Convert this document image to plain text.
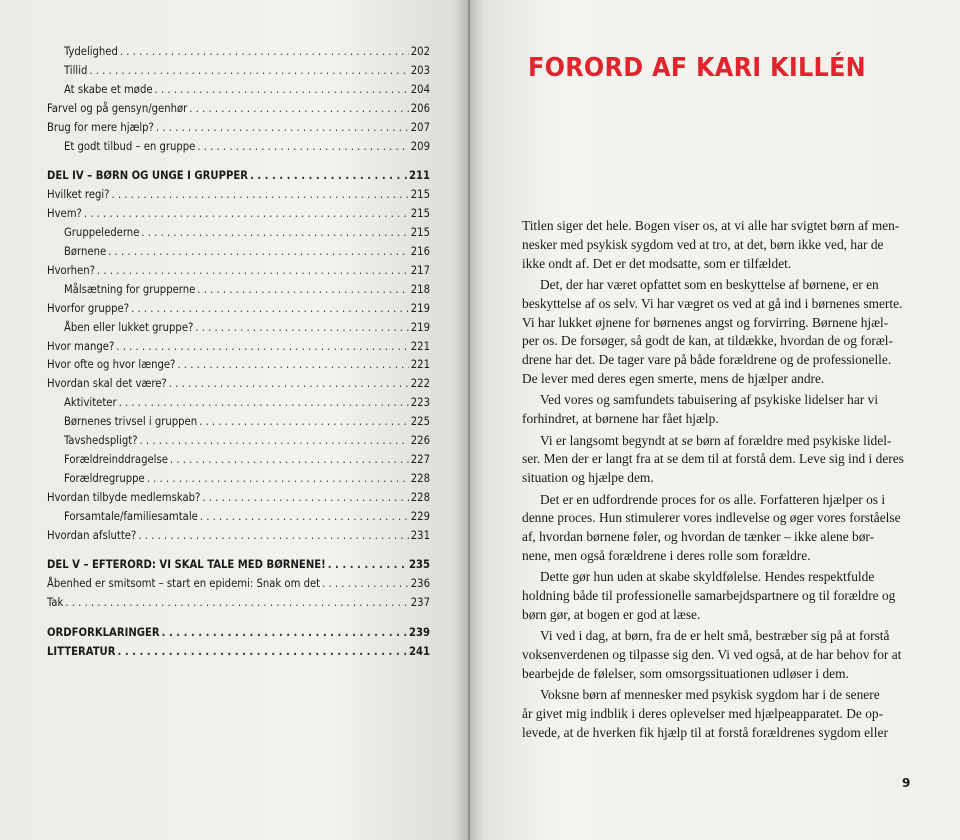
Tydelighed . . .	202
Tillid . . .	203
At skabe et møde . . .	204
Farvel og på gensyn/genhør . . .	206
Brug for mere hjælp? . . .	207
Et godt tilbud – en gruppe . . .	209
DEL IV – BØRN OG UNGE I GRUPPER . . .	211
Hvilket regi? . . .	215
Hvem? . . .	215
Gruppelederne . . .	215
Børnene . . .	216
Hvorhen? . . .	217
Målsætning for grupperne . . .	218
Hvorfor gruppe? . . .	219
Åben eller lukket gruppe? . . .	219
Hvor mange? . . .	221
Hvor ofte og hvor længe? . . .	221
Hvordan skal det være? . . .	222
Aktiviteter . . .	223
Børnenes trivsel i gruppen . . .	225
Tavshedspligt? . . .	226
Forældreinddragelse . . .	227
Forældregruppe . . .	228
Hvordan tilbyde medlemskab? . . .	228
Forsamtale/familiesamtale . . .	229
Hvordan afslutte? . . .	231
DEL V – EFTERORD: VI SKAL TALE MED BØRNENE! . . .	235
Åbenhed er smitsomt – start en epidemi: Snak om det . . .	236
Tak . . .	237
ORDFORKLARINGER . . .	239
LITTERATUR . . .	241
FORORD AF KARI KILLÉN

Titlen siger det hele. Bogen viser os, at vi alle har svigtet børn af men-

nesker med psykisk sygdom ved at tro, at det, børn ikke ved, har de

ikke ondt af. Det er det modsatte, som er tilfældet.

Det, der har været opfattet som en beskyttelse af børnene, er en

beskyttelse af os selv. Vi har vægret os ved at gå ind i børnenes smerte.

Vi har lukket øjnene for børnenes angst og forvirring. Børnene hjæl-

per os. De forsøger, så godt de kan, at tildække, hvordan de og foræl-

drene har det. De tager vare på både forældrene og de professionelle.

De lever med deres egen smerte, mens de hjælper andre.

Ved vores og samfundets tabuisering af psykiske lidelser har vi

forhindret, at børnene har fået hjælp.

Vi er langsomt begyndt at se børn af forældre med psykiske lidel-

ser. Men der er langt fra at se dem til at forstå dem. Leve sig ind i deres

situation og hjælpe dem.

Det er en udfordrende proces for os alle. Forfatteren hjælper os i

denne proces. Hun stimulerer vores indlevelse og øger vores forståelse

af, hvordan børnene føler, og hvordan de tænker – ikke alene bør-

nene, men også forældrene i deres rolle som forældre.

Dette gør hun uden at skabe skyldfølelse. Hendes respektfulde

holdning både til professionelle samarbejdspartnere og til forældre og

børn gør, at bogen er god at læse.

Vi ved i dag, at børn, fra de er helt små, bestræber sig på at forstå

voksenverdenen og tilpasse sig den. Vi ved også, at de har behov for at

bearbejde de følelser, som omsorgssituationen udløser i dem.

Voksne børn af mennesker med psykisk sygdom har i de senere

år givet mig indblik i deres oplevelser med hjælpeapparatet. De op-

levede, at de hverken fik hjælp til at forstå forældrenes sygdom eller

9
